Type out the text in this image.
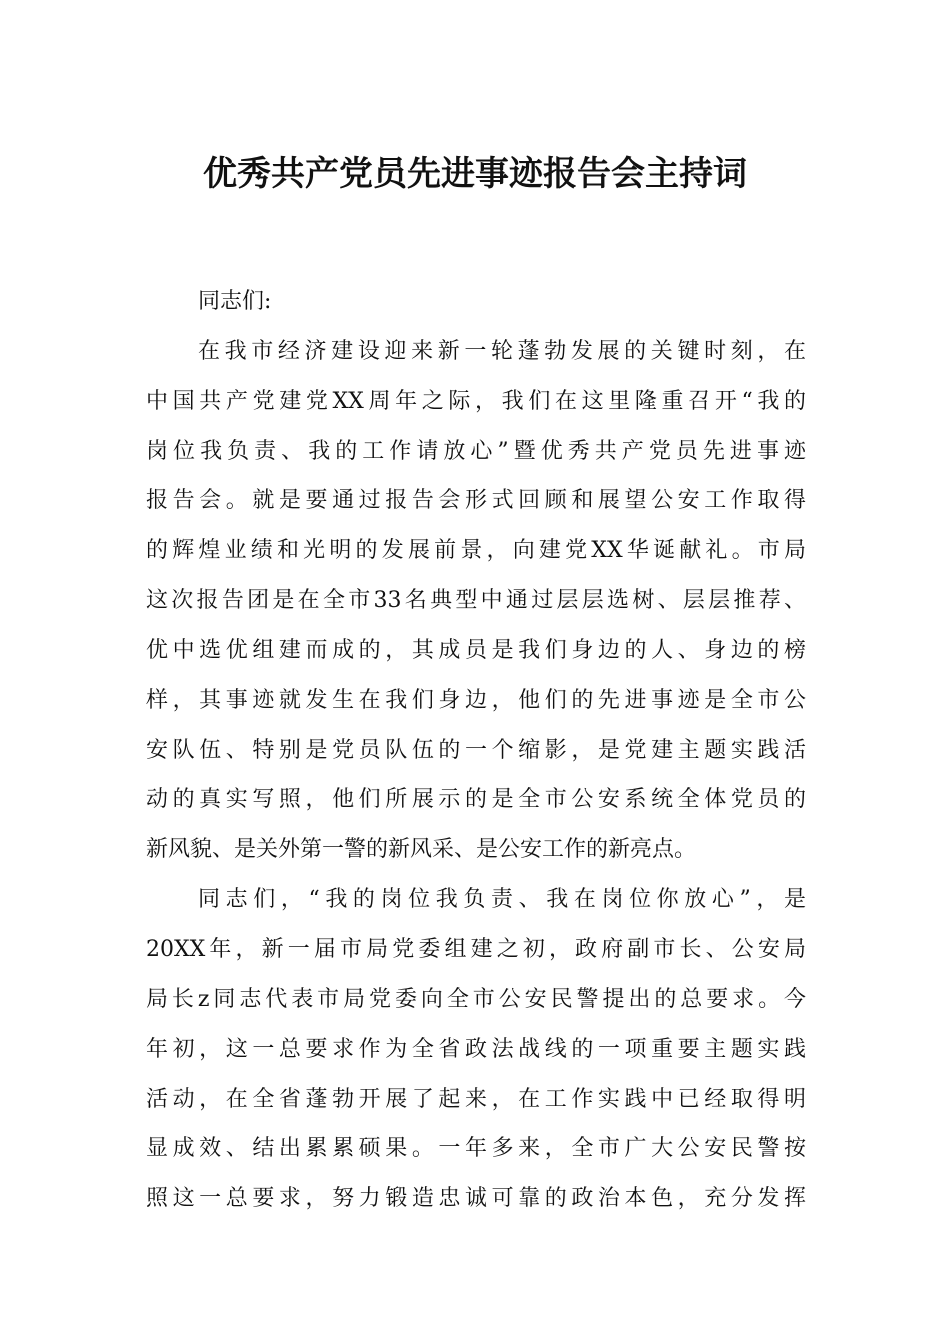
优秀共产党员先进事迹报告会主持词
同志们:
在我市经济建设迎来新一轮蓬勃发展的关键时刻，在
中国共产党建党XX周年之际，我们在这里隆重召开“我的
岗位我负责、我的工作请放心”暨优秀共产党员先进事迹
报告会。就是要通过报告会形式回顾和展望公安工作取得
的辉煌业绩和光明的发展前景，向建党XX华诞献礼。市局
这次报告团是在全市33名典型中通过层层选树、层层推荐、
优中选优组建而成的，其成员是我们身边的人、身边的榜
样，其事迹就发生在我们身边，他们的先进事迹是全市公
安队伍、特别是党员队伍的一个缩影，是党建主题实践活
动的真实写照，他们所展示的是全市公安系统全体党员的
新风貌、是关外第一警的新风采、是公安工作的新亮点。
同志们，“我的岗位我负责、我在岗位你放心”，是
20XX年，新一届市局党委组建之初，政府副市长、公安局
局长z同志代表市局党委向全市公安民警提出的总要求。今
年初，这一总要求作为全省政法战线的一项重要主题实践
活动，在全省蓬勃开展了起来，在工作实践中已经取得明
显成效、结出累累硕果。一年多来，全市广大公安民警按
照这一总要求，努力锻造忠诚可靠的政治本色，充分发挥
